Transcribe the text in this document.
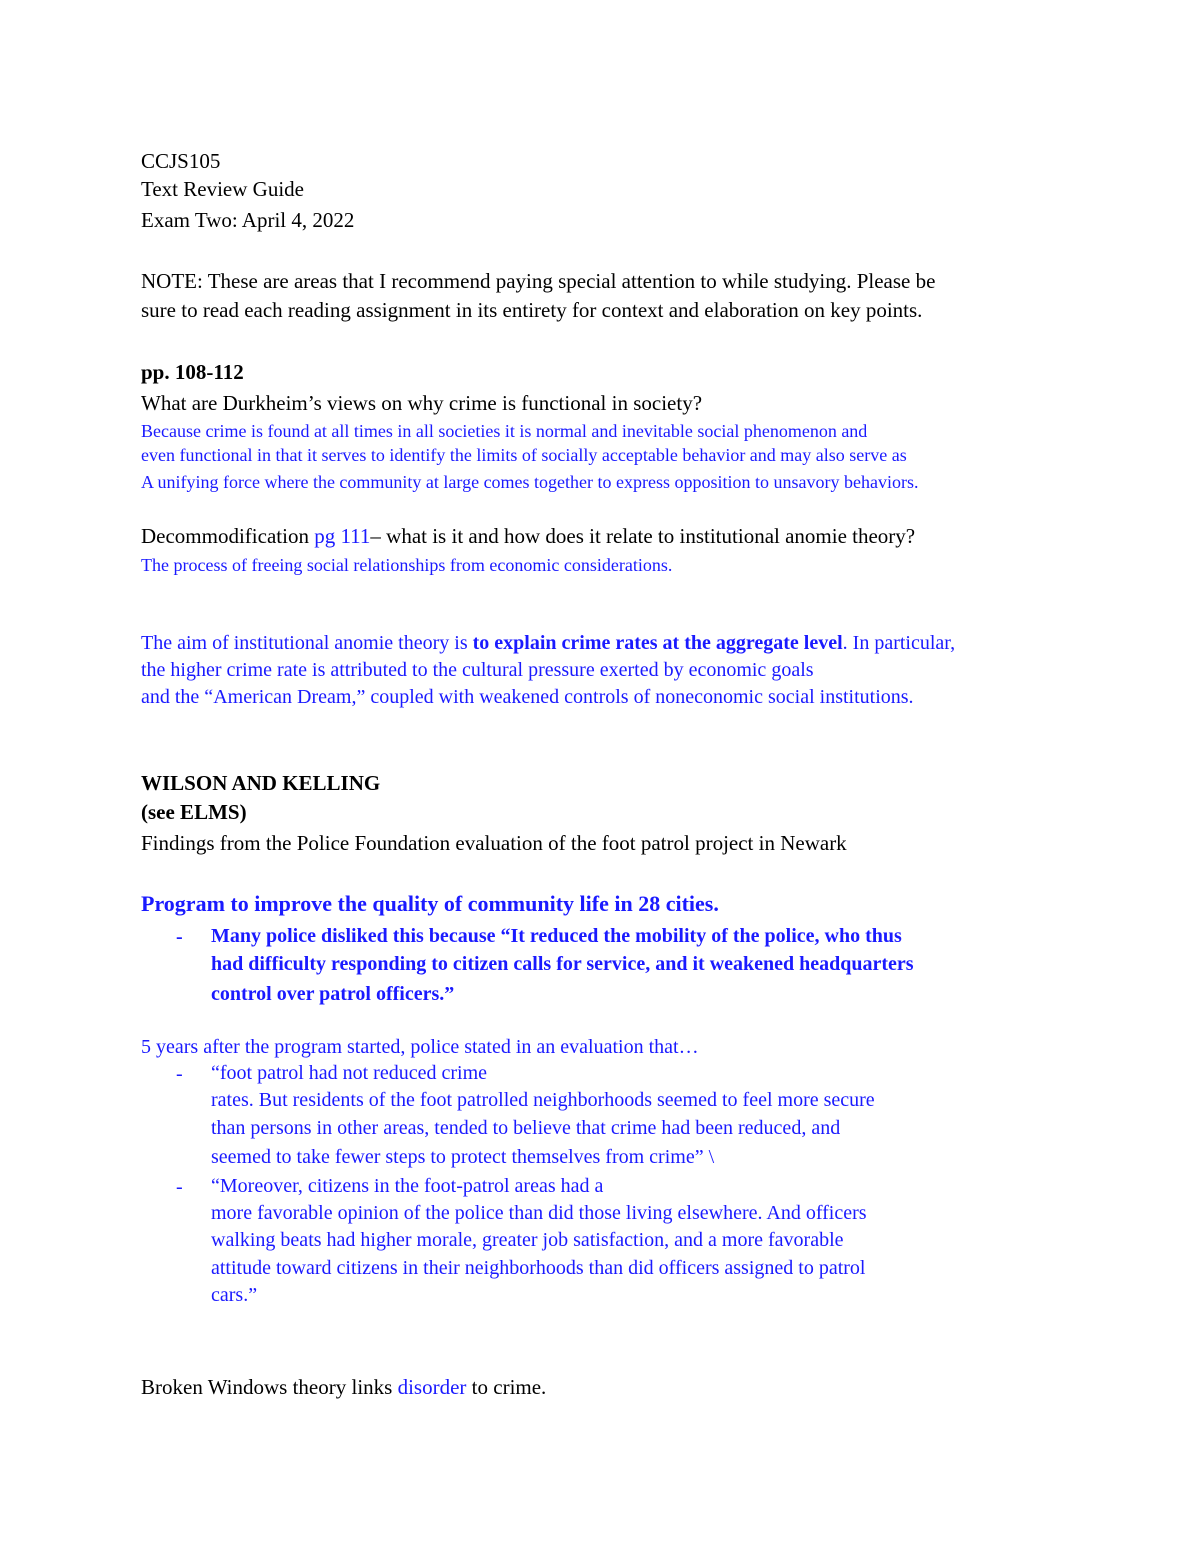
CCJS105
Text Review Guide
Exam Two: April 4, 2022
NOTE: These are areas that I recommend paying special attention to while studying. Please be
sure to read each reading assignment in its entirety for context and elaboration on key points.
pp. 108-112
What are Durkheim’s views on why crime is functional in society?
Because crime is found at all times in all societies it is normal and inevitable social phenomenon and
even functional in that it serves to identify the limits of socially acceptable behavior and may also serve as
A unifying force where the community at large comes together to express opposition to unsavory behaviors.
Decommodification pg 111– what is it and how does it relate to institutional anomie theory?
The process of freeing social relationships from economic considerations.
The aim of institutional anomie theory is to explain crime rates at the aggregate level. In particular,
the higher crime rate is attributed to the cultural pressure exerted by economic goals
and the “American Dream,” coupled with weakened controls of noneconomic social institutions.
WILSON AND KELLING
(see ELMS)
Findings from the Police Foundation evaluation of the foot patrol project in Newark
Program to improve the quality of community life in 28 cities.
- Many police disliked this because “It reduced the mobility of the police, who thus
had difficulty responding to citizen calls for service, and it weakened headquarters
control over patrol officers.”
5 years after the program started, police stated in an evaluation that…
- “foot patrol had not reduced crime
rates. But residents of the foot patrolled neighborhoods seemed to feel more secure
than persons in other areas, tended to believe that crime had been reduced, and
seemed to take fewer steps to protect themselves from crime” \
- “Moreover, citizens in the foot-patrol areas had a
more favorable opinion of the police than did those living elsewhere. And officers
walking beats had higher morale, greater job satisfaction, and a more favorable
attitude toward citizens in their neighborhoods than did officers assigned to patrol
cars.”
Broken Windows theory links disorder to crime.
